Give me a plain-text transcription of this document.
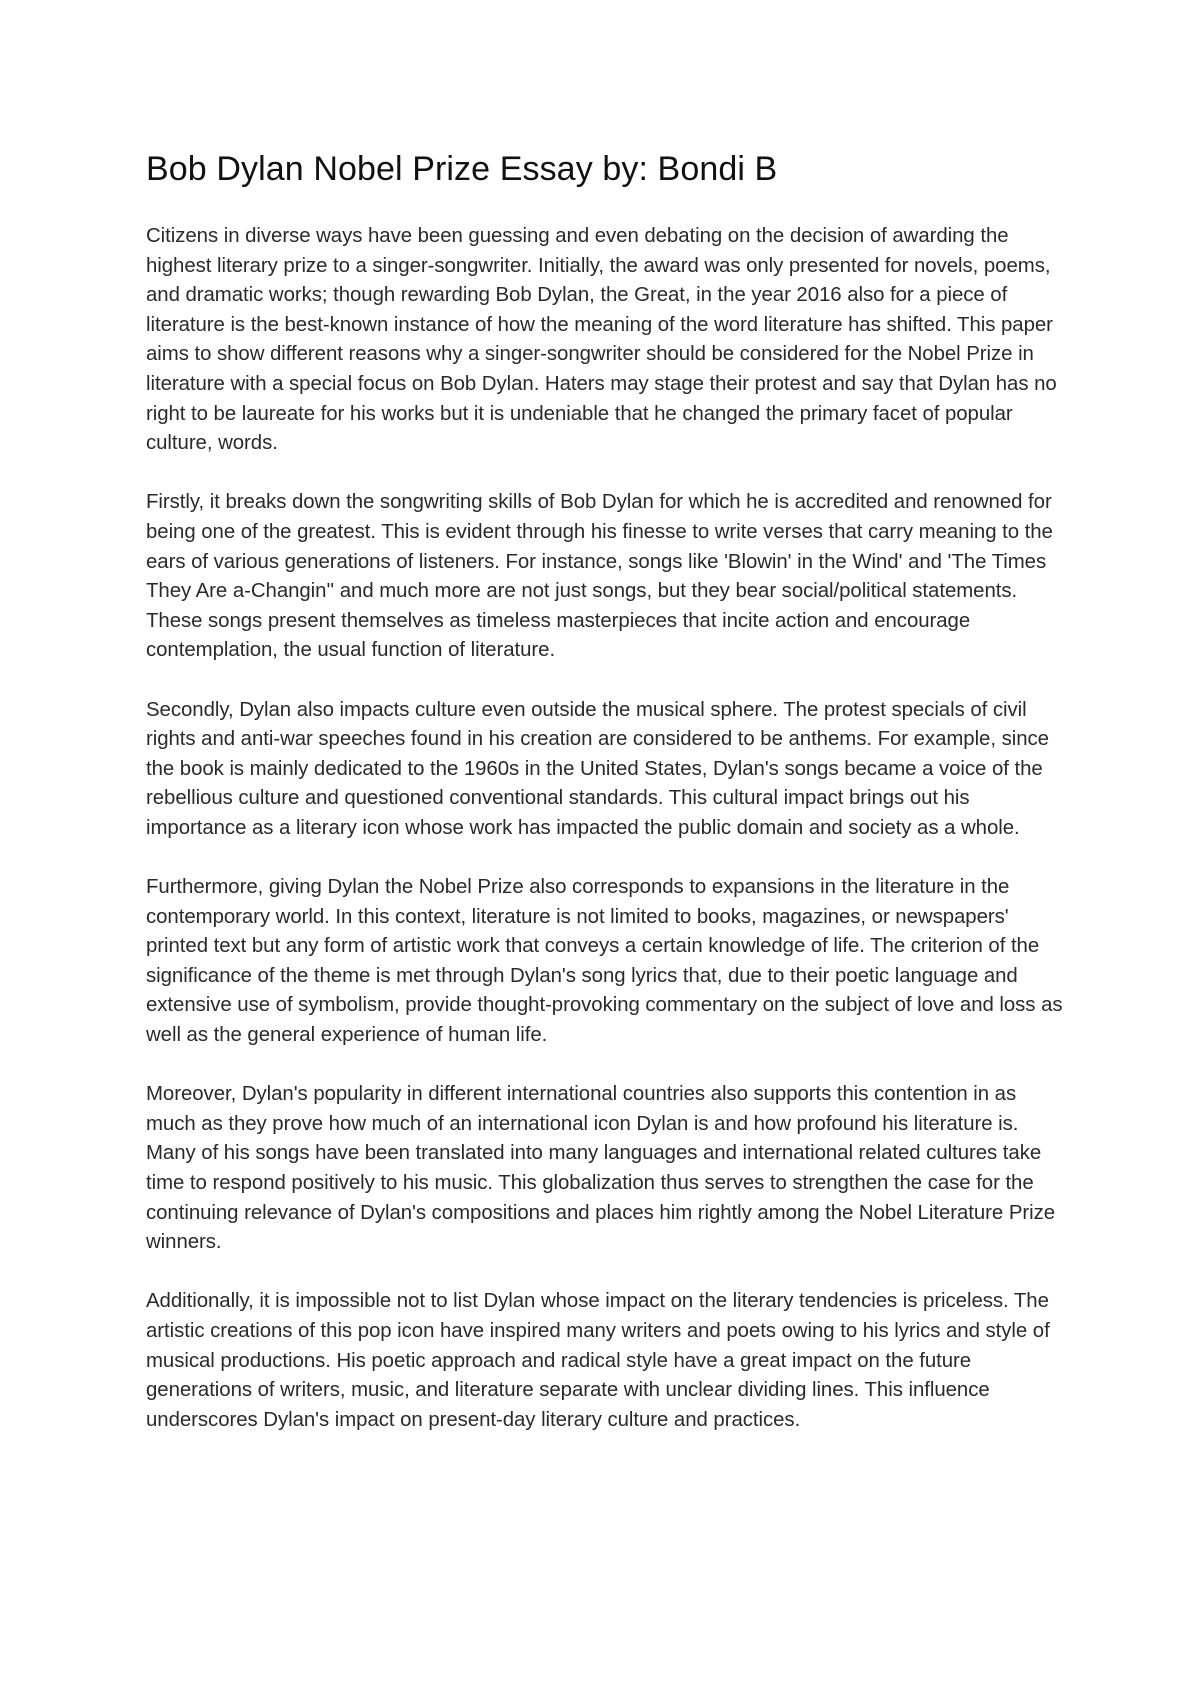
Bob Dylan Nobel Prize Essay by: Bondi B

Citizens in diverse ways have been guessing and even debating on the decision of awarding the highest literary prize to a singer-songwriter. Initially, the award was only presented for novels, poems, and dramatic works; though rewarding Bob Dylan, the Great, in the year 2016 also for a piece of literature is the best-known instance of how the meaning of the word literature has shifted. This paper aims to show different reasons why a singer-songwriter should be considered for the Nobel Prize in literature with a special focus on Bob Dylan. Haters may stage their protest and say that Dylan has no right to be laureate for his works but it is undeniable that he changed the primary facet of popular culture, words.

Firstly, it breaks down the songwriting skills of Bob Dylan for which he is accredited and renowned for being one of the greatest. This is evident through his finesse to write verses that carry meaning to the ears of various generations of listeners. For instance, songs like 'Blowin' in the Wind' and 'The Times They Are a-Changin'' and much more are not just songs, but they bear social/political statements. These songs present themselves as timeless masterpieces that incite action and encourage contemplation, the usual function of literature.

Secondly, Dylan also impacts culture even outside the musical sphere. The protest specials of civil rights and anti-war speeches found in his creation are considered to be anthems. For example, since the book is mainly dedicated to the 1960s in the United States, Dylan's songs became a voice of the rebellious culture and questioned conventional standards. This cultural impact brings out his importance as a literary icon whose work has impacted the public domain and society as a whole.

Furthermore, giving Dylan the Nobel Prize also corresponds to expansions in the literature in the contemporary world. In this context, literature is not limited to books, magazines, or newspapers' printed text but any form of artistic work that conveys a certain knowledge of life. The criterion of the significance of the theme is met through Dylan's song lyrics that, due to their poetic language and extensive use of symbolism, provide thought-provoking commentary on the subject of love and loss as well as the general experience of human life.

Moreover, Dylan's popularity in different international countries also supports this contention in as much as they prove how much of an international icon Dylan is and how profound his literature is. Many of his songs have been translated into many languages and international related cultures take time to respond positively to his music. This globalization thus serves to strengthen the case for the continuing relevance of Dylan's compositions and places him rightly among the Nobel Literature Prize winners.

Additionally, it is impossible not to list Dylan whose impact on the literary tendencies is priceless. The artistic creations of this pop icon have inspired many writers and poets owing to his lyrics and style of musical productions. His poetic approach and radical style have a great impact on the future generations of writers, music, and literature separate with unclear dividing lines. This influence underscores Dylan's impact on present-day literary culture and practices.
